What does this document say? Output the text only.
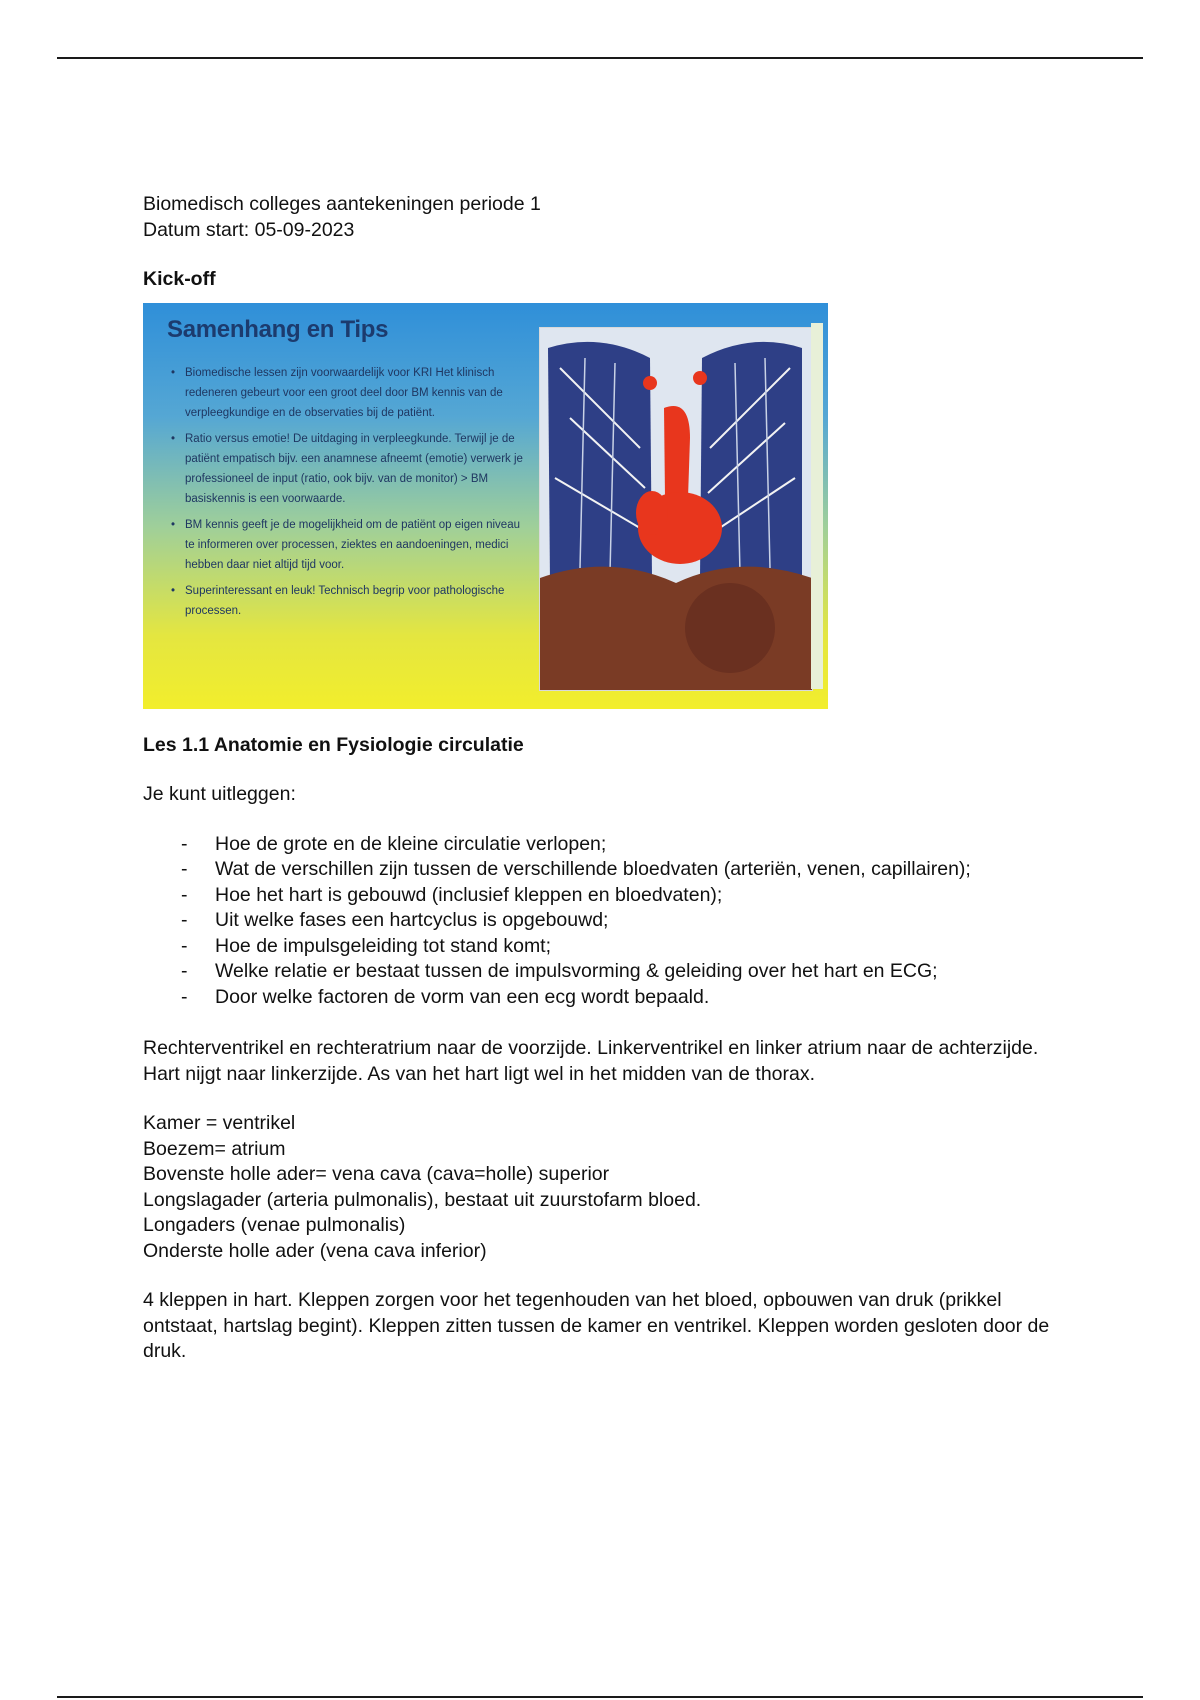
Biomedisch colleges aantekeningen periode 1
Datum start: 05-09-2023
Kick-off
Samenhang en Tips
• Biomedische lessen zijn voorwaardelijk voor KRI Het klinisch redeneren gebeurt voor een groot deel door BM kennis van de verpleegkundige en de observaties bij de patiënt.
• Ratio versus emotie! De uitdaging in verpleegkunde. Terwijl je de patiënt empatisch bijv. een anamnese afneemt (emotie) verwerk je professioneel de input (ratio, ook bijv. van de monitor) > BM basiskennis is een voorwaarde.
• BM kennis geeft je de mogelijkheid om de patiënt op eigen niveau te informeren over processen, ziektes en aandoeningen, medici hebben daar niet altijd tijd voor.
• Superinteressant en leuk! Technisch begrip voor pathologische processen.
Les 1.1 Anatomie en Fysiologie circulatie
Je kunt uitleggen:
- Hoe de grote en de kleine circulatie verlopen;
- Wat de verschillen zijn tussen de verschillende bloedvaten (arteriën, venen, capillairen);
- Hoe het hart is gebouwd (inclusief kleppen en bloedvaten);
- Uit welke fases een hartcyclus is opgebouwd;
- Hoe de impulsgeleiding tot stand komt;
- Welke relatie er bestaat tussen de impulsvorming & geleiding over het hart en ECG;
- Door welke factoren de vorm van een ecg wordt bepaald.
Rechterventrikel en rechteratrium naar de voorzijde. Linkerventrikel en linker atrium naar de achterzijde. Hart nijgt naar linkerzijde. As van het hart ligt wel in het midden van de thorax.
Kamer = ventrikel
Boezem= atrium
Bovenste holle ader= vena cava (cava=holle) superior
Longslagader (arteria pulmonalis), bestaat uit zuurstofarm bloed.
Longaders (venae pulmonalis)
Onderste holle ader (vena cava inferior)
4 kleppen in hart. Kleppen zorgen voor het tegenhouden van het bloed, opbouwen van druk (prikkel ontstaat, hartslag begint). Kleppen zitten tussen de kamer en ventrikel. Kleppen worden gesloten door de druk.
